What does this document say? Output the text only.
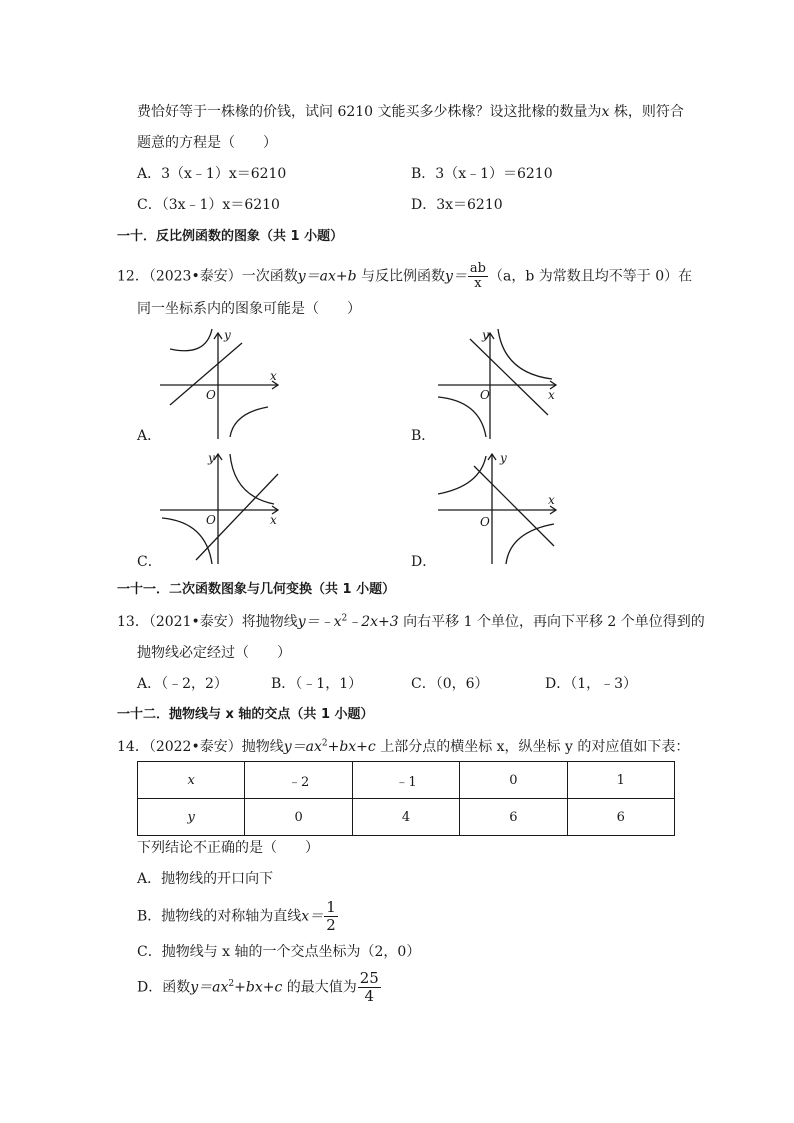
费恰好等于一株椽的价钱，试问 6210 文能买多少株椽？设这批椽的数量为x 株，则符合
题意的方程是（　　）
A．3（x﹣1）x＝6210	B．3（x﹣1）＝6210
C．（3x﹣1）x＝6210	D．3x＝6210
一十．反比例函数的图象（共 1 小题）
12．（2023•泰安）一次函数y＝ax+b 与反比例函数$y= \frac{ab}{x} (a$，b 为常数且均不等于 0）在
同一坐标系内的图象可能是（　　）
x
y
O
A．
x
y
O
B．
x
y
O
C．
x
y
O
D．
一十一．二次函数图象与几何变换（共 1 小题）
13．（2021•泰安）将抛物线$y=﹣x^2﹣2x+3$ 向右平移 1 个单位，再向下平移 2 个单位得到的
抛物线必定经过（　　）
A．（﹣2，2）	B．（﹣1，1）	C．（0，6）	D．（1，﹣3）
一十二．抛物线与 x 轴的交点（共 1 小题）
14．（2022•泰安）抛物线$y=ax^2+bx+c$ 上部分点的横坐标 x，纵坐标 y 的对应值如下表：
x	﹣2	﹣1	0	1
y	0	4	6	6
下列结论不正确的是（　　）
A．抛物线的开口向下
B．抛物线的对称轴为直线$x= \frac{1}{2}$
C．抛物线与 x 轴的一个交点坐标为（2，0）
D．函数$y=ax^2+bx+c$ 的最大值为 $\frac{25}{4}$
